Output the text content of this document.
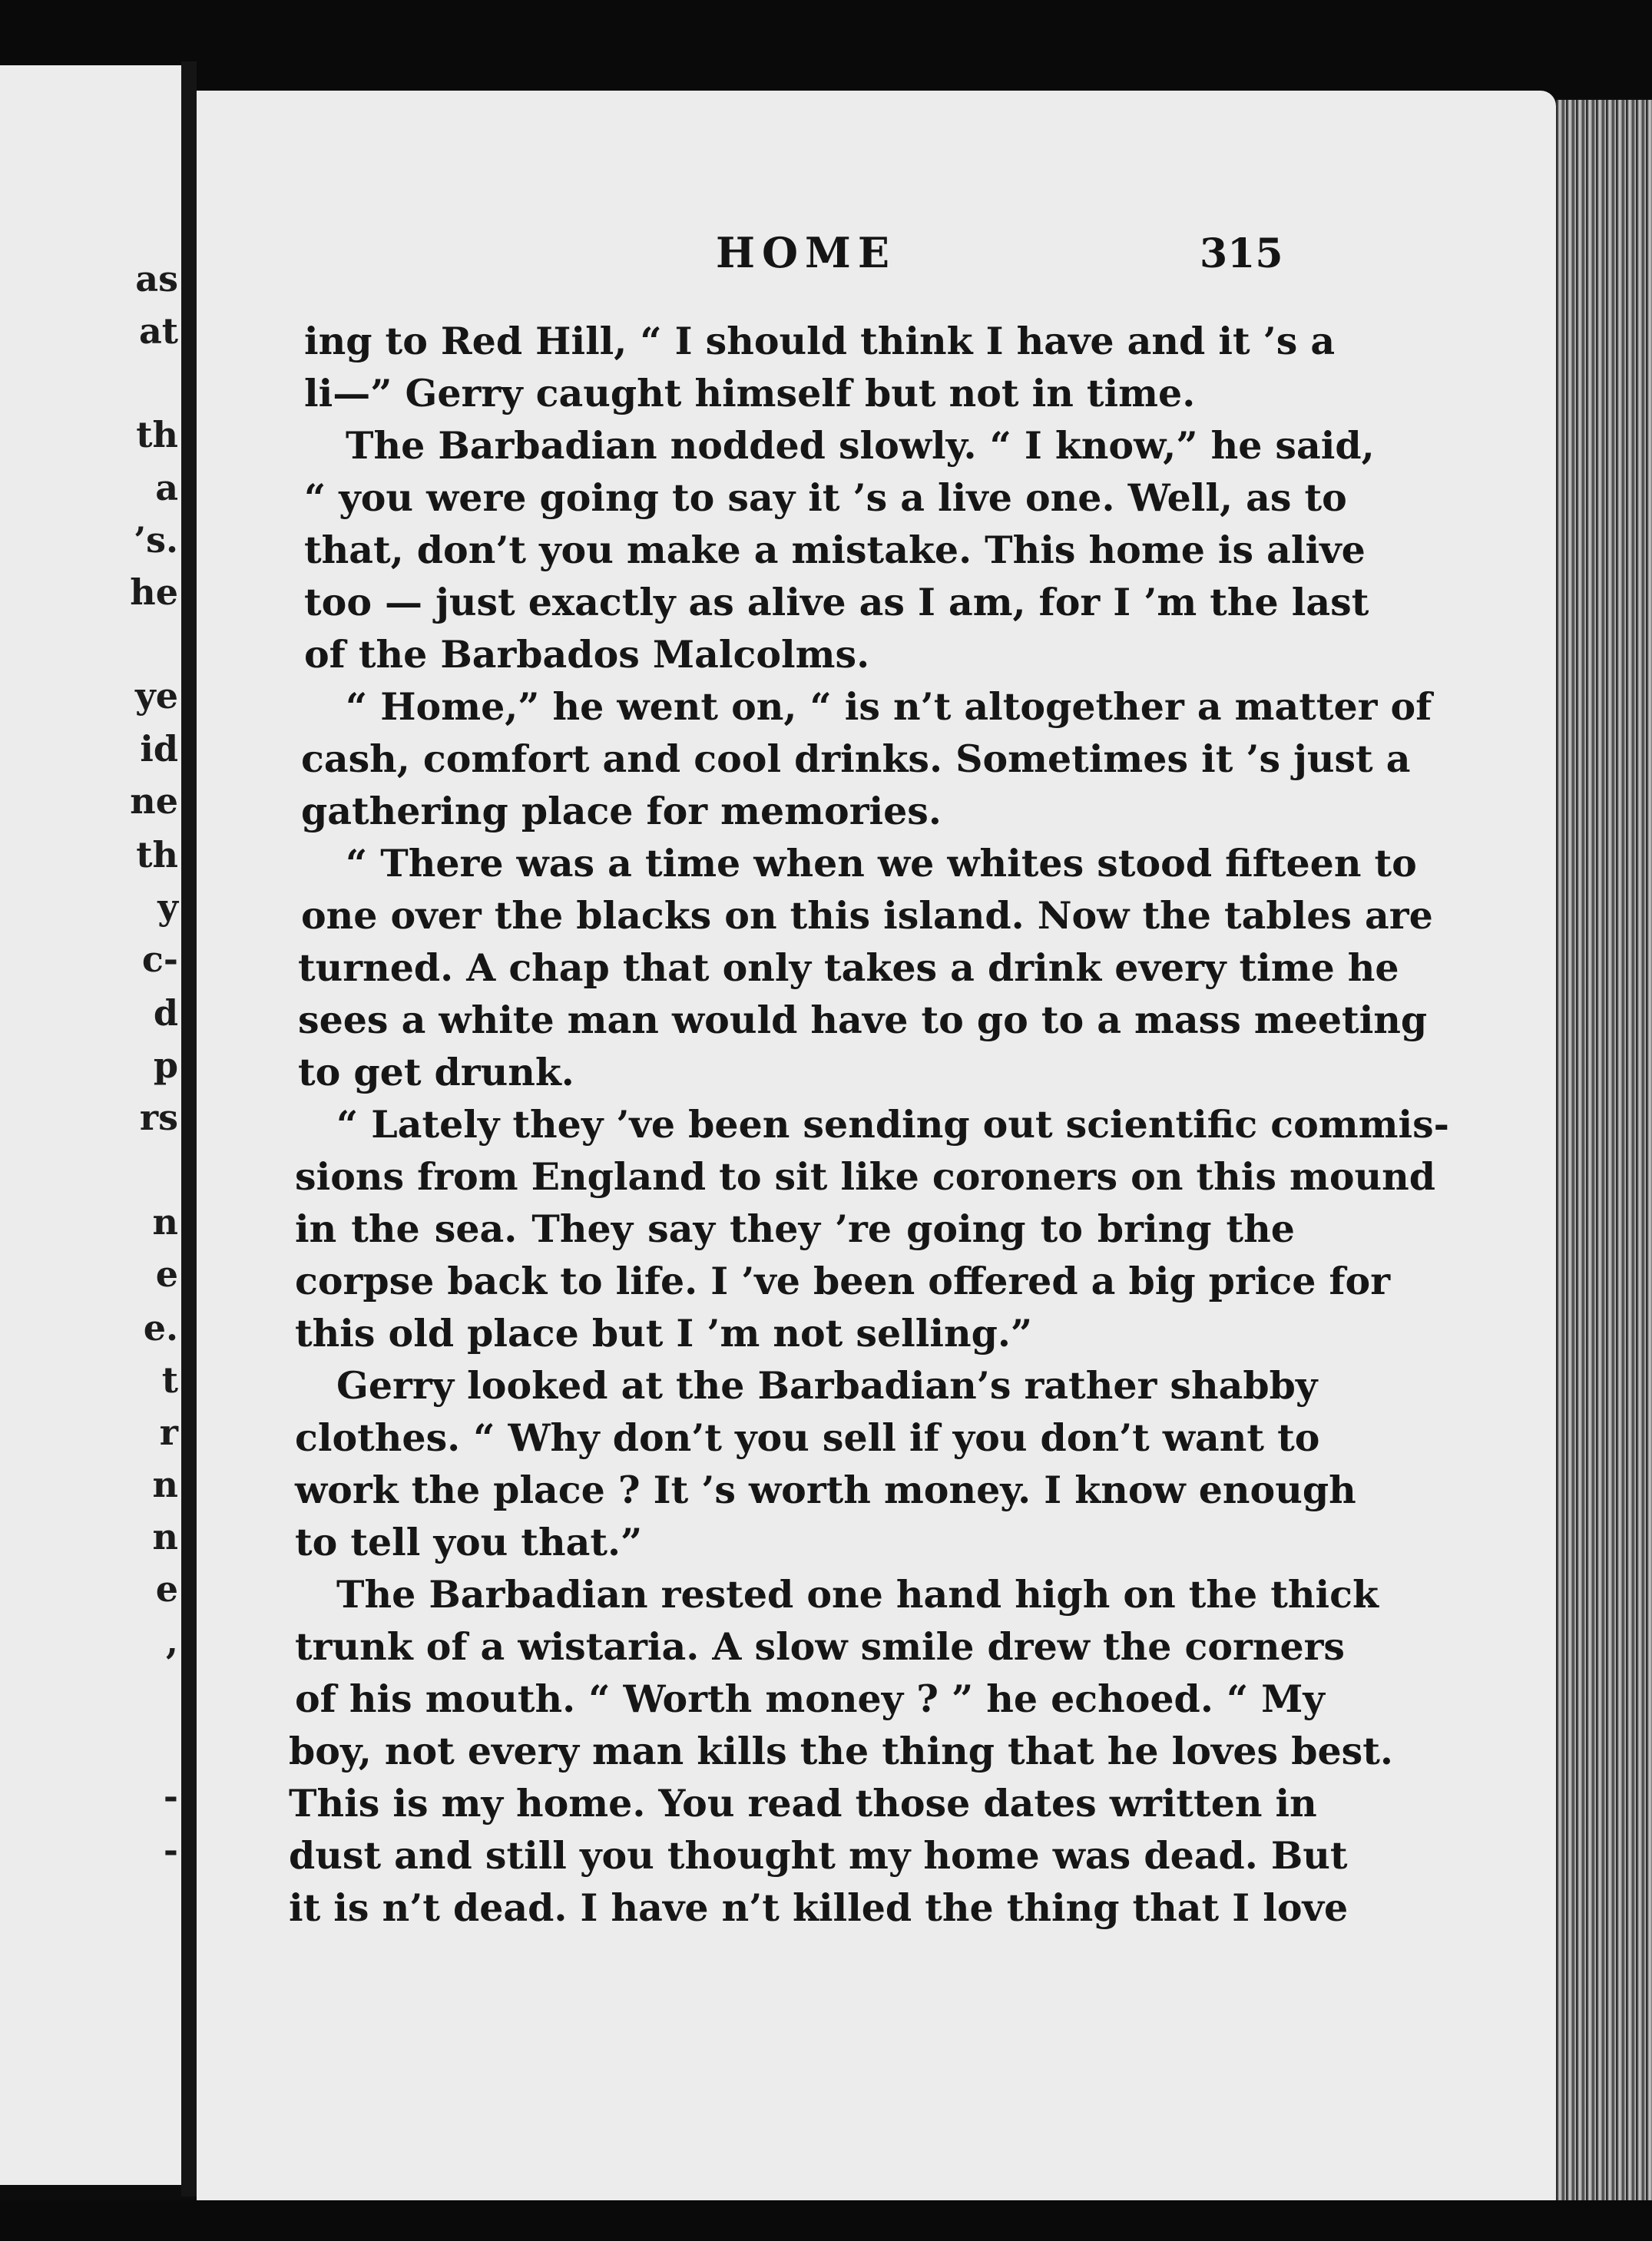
as
at
th
a
’s.
he
ye
id
ne
th
y
c-
d
p
rs
n
e
e.
t
r
n
n
e
,
-
-
HOME	315
ing to Red Hill, “ I should think I have and it ’s a
li—” Gerry caught himself but not in time.
The Barbadian nodded slowly. “ I know,” he said,
“ you were going to say it ’s a live one. Well, as to
that, don’t you make a mistake. This home is alive
too — just exactly as alive as I am, for I ’m the last
of the Barbados Malcolms.
“ Home,” he went on, “ is n’t altogether a matter of
cash, comfort and cool drinks. Sometimes it ’s just a
gathering place for memories.
“ There was a time when we whites stood fifteen to
one over the blacks on this island. Now the tables are
turned. A chap that only takes a drink every time he
sees a white man would have to go to a mass meeting
to get drunk.
“ Lately they ’ve been sending out scientific commis-
sions from England to sit like coroners on this mound
in the sea. They say they ’re going to bring the
corpse back to life. I ’ve been offered a big price for
this old place but I ’m not selling.”
Gerry looked at the Barbadian’s rather shabby
clothes. “ Why don’t you sell if you don’t want to
work the place ? It ’s worth money. I know enough
to tell you that.”
The Barbadian rested one hand high on the thick
trunk of a wistaria. A slow smile drew the corners
of his mouth. “ Worth money ? ” he echoed. “ My
boy, not every man kills the thing that he loves best.
This is my home. You read those dates written in
dust and still you thought my home was dead. But
it is n’t dead. I have n’t killed the thing that I love
